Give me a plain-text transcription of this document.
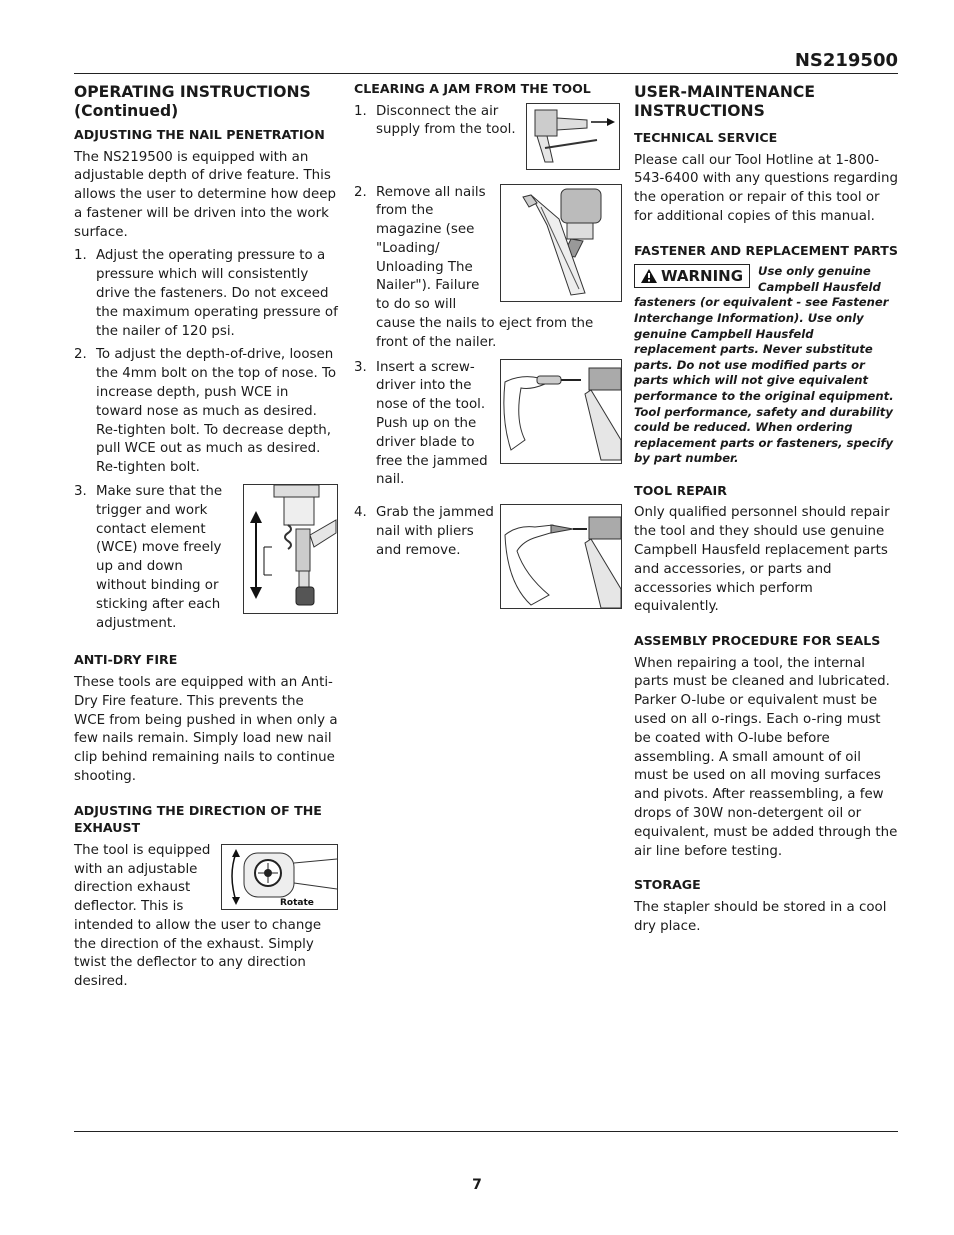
NS219500
OPERATING INSTRUCTIONS
(Continued)
ADJUSTING THE NAIL PENETRATION

The NS219500 is equipped with an adjustable depth of drive feature. This allows the user to determine how deep a fastener will be driven into the work surface.

1. Adjust the operating pressure to a pressure which will consistently drive the fasteners. Do not exceed the maximum operating pressure of the nailer of 120 psi.
2. To adjust the depth-of-drive, loosen the 4mm bolt on the top of nose. To increase depth, push WCE in toward nose as much as desired. Re-tighten bolt. To decrease depth, pull WCE out as much as desired. Re-tighten bolt.
3. Make sure that the trigger and work contact element (WCE) move freely up and down without binding or sticking after each adjustment.
ANTI-DRY FIRE

These tools are equipped with an Anti-Dry Fire feature. This prevents the WCE from being pushed in when only a few nails remain. Simply load new nail clip behind remaining nails to continue shooting.

ADJUSTING THE DIRECTION OF THE EXHAUST
Rotate

The tool is equipped with an adjustable direction exhaust deflector. This is intended to allow the user to change the direction of the exhaust. Simply twist the deflector to any direction desired.

CLEARING A JAM FROM THE TOOL
1. Disconnect the air supply from the tool.
2. Remove all nails from the magazine (see "Loading/ Unloading The Nailer"). Failure to do so will cause the nails to eject from the front of the nailer.
3. Insert a screw-driver into the nose of the tool. Push up on the driver blade to free the jammed nail.
4. Grab the jammed nail with pliers and remove.
USER-MAINTENANCE
INSTRUCTIONS
TECHNICAL SERVICE

Please call our Tool Hotline at 1-800-543-6400 with any questions regarding the operation or repair of this tool or for additional copies of this manual.

FASTENER AND REPLACEMENT PARTS
WARNING	Use only genuine Campbell Hausfeld fasteners (or equivalent - see Fastener Interchange Information). Use only genuine Campbell Hausfeld replacement parts. Never substitute parts. Do not use modified parts or parts which will not give equivalent performance to the original equipment. Tool performance, safety and durability could be reduced. When ordering replacement parts or fasteners, specify by part number.
TOOL REPAIR

Only qualified personnel should repair the tool and they should use genuine Campbell Hausfeld replacement parts and accessories, or parts and accessories which perform equivalently.

ASSEMBLY PROCEDURE FOR SEALS

When repairing a tool, the internal parts must be cleaned and lubricated. Parker O-lube or equivalent must be used on all o-rings. Each o-ring must be coated with O-lube before assembling. A small amount of oil must be used on all moving surfaces and pivots. After reassembling, a few drops of 30W non-detergent oil or equivalent, must be added through the air line before testing.

STORAGE

The stapler should be stored in a cool dry place.

7
